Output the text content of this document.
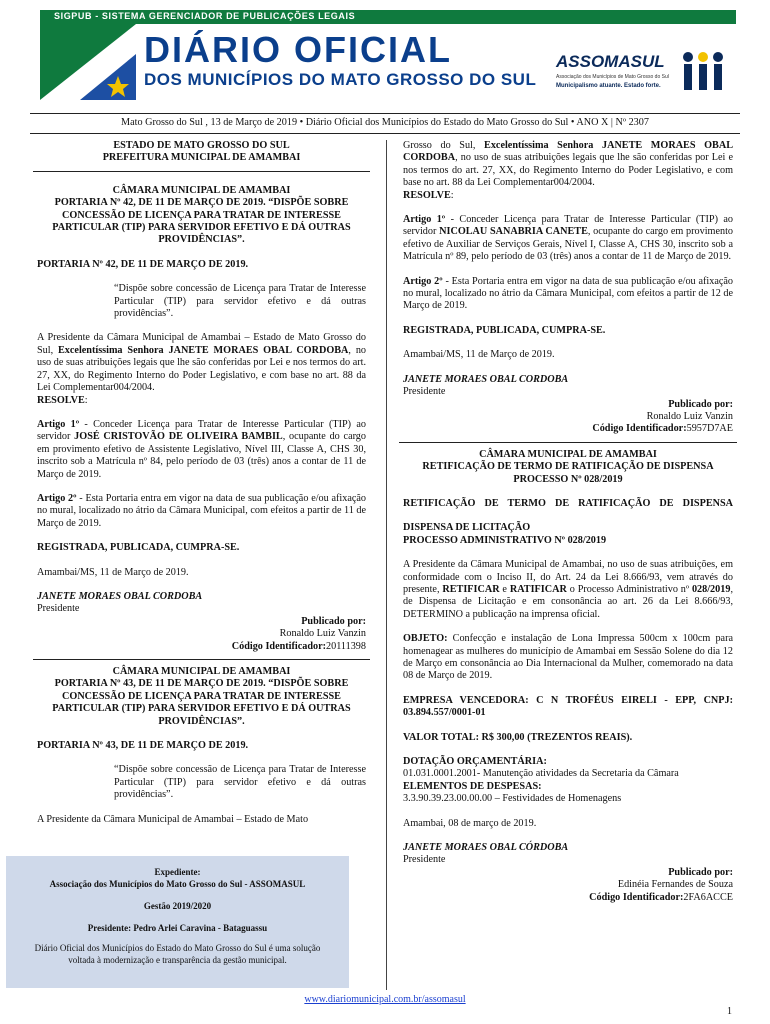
SIGPUB - SISTEMA GERENCIADOR DE PUBLICAÇÕES LEGAIS
DIÁRIO OFICIAL
DOS MUNICÍPIOS DO MATO GROSSO DO SUL
ASSOMASUL
Associação dos Municípios de Mato Grosso do Sul
Municipalismo atuante. Estado forte.
Mato Grosso do Sul , 13 de Março de 2019 • Diário Oficial dos Municípios do Estado do Mato Grosso do Sul • ANO X | Nº 2307

ESTADO DE MATO GROSSO DO SUL

PREFEITURA MUNICIPAL DE AMAMBAI

CÂMARA MUNICIPAL DE AMAMBAI

PORTARIA Nº 42, DE 11 DE MARÇO DE 2019. “DISPÕE SOBRE CONCESSÃO DE LICENÇA PARA TRATAR DE INTERESSE PARTICULAR (TIP) PARA SERVIDOR EFETIVO E DÁ OUTRAS PROVIDÊNCIAS”.

PORTARIA Nº 42, DE 11 DE MARÇO DE 2019.

“Dispõe sobre concessão de Licença para Tratar de Interesse Particular (TIP) para servidor efetivo e dá outras providências”.

A Presidente da Câmara Municipal de Amambai – Estado de Mato Grosso do Sul, Excelentíssima Senhora JANETE MORAES OBAL CORDOBA, no uso de suas atribuições legais que lhe são conferidas por Lei e nos termos do art. 27, XX, do Regimento Interno do Poder Legislativo, e com base no art. 88 da Lei Complementar004/2004.

RESOLVE:

Artigo 1º - Conceder Licença para Tratar de Interesse Particular (TIP) ao servidor JOSÉ CRISTOVÃO DE OLIVEIRA BAMBIL, ocupante do cargo em provimento efetivo de Assistente Legislativo, Nível III, Classe A, CHS 30, inscrito sob a Matrícula nº 84, pelo período de 03 (três) anos a contar de 11 de Março de 2019.

Artigo 2º - Esta Portaria entra em vigor na data de sua publicação e/ou afixação no mural, localizado no átrio da Câmara Municipal, com efeitos a partir de 11 de Março de 2019.

REGISTRADA, PUBLICADA, CUMPRA-SE.

Amambai/MS, 11 de Março de 2019.

JANETE MORAES OBAL CORDOBA

Presidente

Publicado por:

Ronaldo Luiz Vanzin

Código Identificador:20111398

CÂMARA MUNICIPAL DE AMAMBAI

PORTARIA Nº 43, DE 11 DE MARÇO DE 2019. “DISPÕE SOBRE CONCESSÃO DE LICENÇA PARA TRATAR DE INTERESSE PARTICULAR (TIP) PARA SERVIDOR EFETIVO E DÁ OUTRAS PROVIDÊNCIAS”.

PORTARIA Nº 43, DE 11 DE MARÇO DE 2019.

“Dispõe sobre concessão de Licença para Tratar de Interesse Particular (TIP) para servidor efetivo e dá outras providências”.

A Presidente da Câmara Municipal de Amambai – Estado de Mato

Expediente:

Associação dos Municípios do Mato Grosso do Sul - ASSOMASUL

Gestão 2019/2020

Presidente: Pedro Arlei Caravina - Bataguassu

Diário Oficial dos Municípios do Estado do Mato Grosso do Sul é uma solução voltada à modernização e transparência da gestão municipal.

Grosso do Sul, Excelentíssima Senhora JANETE MORAES OBAL CORDOBA, no uso de suas atribuições legais que lhe são conferidas por Lei e nos termos do art. 27, XX, do Regimento Interno do Poder Legislativo, e com base no art. 88 da Lei Complementar004/2004.

RESOLVE:

Artigo 1º - Conceder Licença para Tratar de Interesse Particular (TIP) ao servidor NICOLAU SANABRIA CANETE, ocupante do cargo em provimento efetivo de Auxiliar de Serviços Gerais, Nível I, Classe A, CHS 30, inscrito sob a Matrícula nº 89, pelo período de 03 (três) anos a contar de 11 de Março de 2019.

Artigo 2º - Esta Portaria entra em vigor na data de sua publicação e/ou afixação no mural, localizado no átrio da Câmara Municipal, com efeitos a partir de 12 de Março de 2019.

REGISTRADA, PUBLICADA, CUMPRA-SE.

Amambai/MS, 11 de Março de 2019.

JANETE MORAES OBAL CORDOBA

Presidente

Publicado por:

Ronaldo Luiz Vanzin

Código Identificador:5957D7AE

CÂMARA MUNICIPAL DE AMAMBAI

RETIFICAÇÃO DE TERMO DE RATIFICAÇÃO DE DISPENSA PROCESSO Nº 028/2019

RETIFICAÇÃO DE TERMO DE RATIFICAÇÃO DE DISPENSA

DISPENSA DE LICITAÇÃO

PROCESSO ADMINISTRATIVO Nº 028/2019

A Presidente da Câmara Municipal de Amambai, no uso de suas atribuições, em conformidade com o Inciso II, do Art. 24 da Lei 8.666/93, vem através do presente, RETIFICAR e RATIFICAR o Processo Administrativo nº 028/2019, de Dispensa de Licitação e em consonância ao art. 26 da Lei 8.666/93, DETERMINO a publicação na imprensa oficial.

OBJETO: Confecção e instalação de Lona Impressa 500cm x 100cm para homenagear as mulheres do município de Amambai em Sessão Solene do dia 12 de Março em consonância ao Dia Internacional da Mulher, comemorado na data 08 de Março de 2019.

EMPRESA VENCEDORA: C N TROFÉUS EIRELI - EPP, CNPJ: 03.894.557/0001-01

VALOR TOTAL: R$ 300,00 (TREZENTOS REAIS).

DOTAÇÃO ORÇAMENTÁRIA:

01.031.0001.2001- Manutenção atividades da Secretaria da Câmara

ELEMENTOS DE DESPESAS:

3.3.90.39.23.00.00.00 – Festividades de Homenagens

Amambai, 08 de março de 2019.

JANETE MORAES OBAL CÓRDOBA

Presidente

Publicado por:

Edinéia Fernandes de Souza

Código Identificador:2FA6ACCE

www.diariomunicipal.com.br/assomasul
1
